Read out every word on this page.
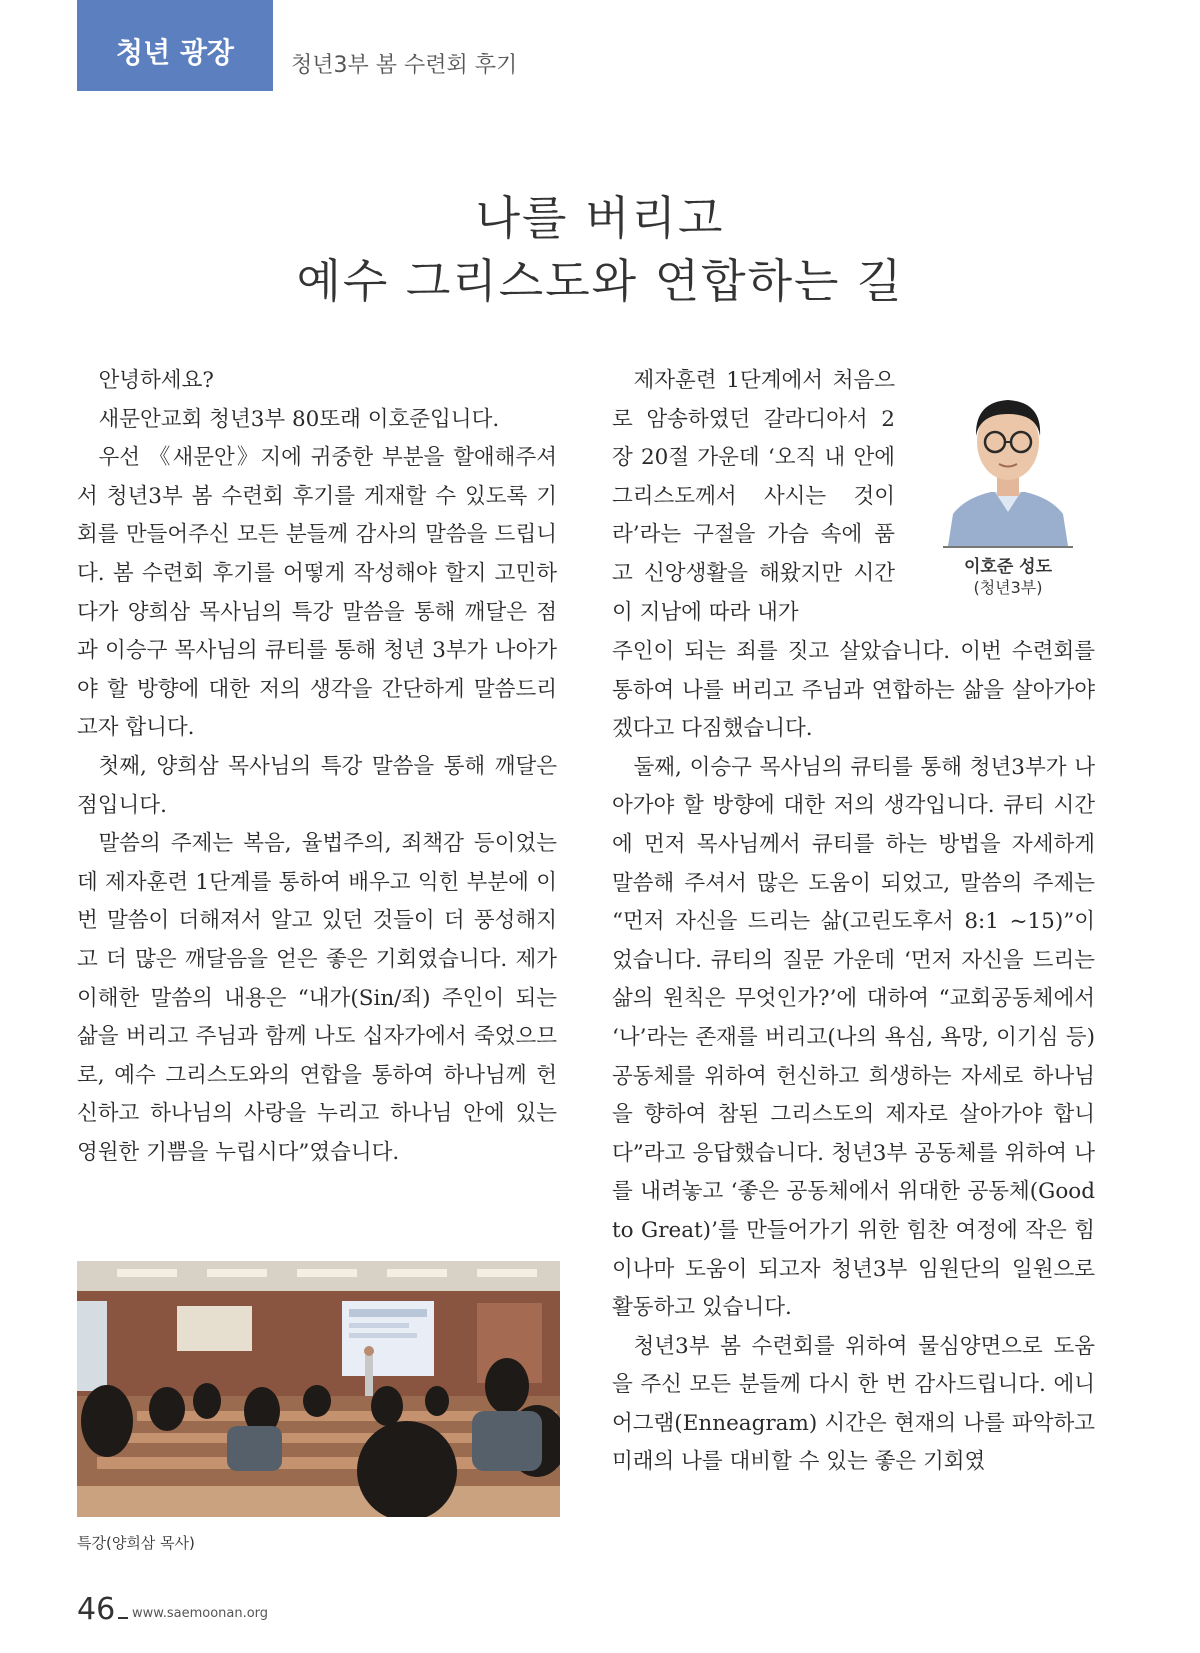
청년 광장	청년3부 봄 수련회 후기
나를 버리고
예수 그리스도와 연합하는 길

안녕하세요?

새문안교회 청년3부 80또래 이호준입니다.

우선 《새문안》지에 귀중한 부분을 할애해주셔서 청년3부 봄 수련회 후기를 게재할 수 있도록 기회를 만들어주신 모든 분들께 감사의 말씀을 드립니다. 봄 수련회 후기를 어떻게 작성해야 할지 고민하다가 양희삼 목사님의 특강 말씀을 통해 깨달은 점과 이승구 목사님의 큐티를 통해 청년 3부가 나아가야 할 방향에 대한 저의 생각을 간단하게 말씀드리고자 합니다.

첫째, 양희삼 목사님의 특강 말씀을 통해 깨달은 점입니다.

말씀의 주제는 복음, 율법주의, 죄책감 등이었는데 제자훈련 1단계를 통하여 배우고 익힌 부분에 이번 말씀이 더해져서 알고 있던 것들이 더 풍성해지고 더 많은 깨달음을 얻은 좋은 기회였습니다. 제가 이해한 말씀의 내용은 “내가(Sin/죄) 주인이 되는 삶을 버리고 주님과 함께 나도 십자가에서 죽었으므로, 예수 그리스도와의 연합을 통하여 하나님께 헌신하고 하나님의 사랑을 누리고 하나님 안에 있는 영원한 기쁨을 누립시다”였습니다.

제자훈련 1단계에서 처음으로 암송하였던 갈라디아서 2장 20절 가운데 ‘오직 내 안에 그리스도께서 사시는 것이라’라는 구절을 가슴 속에 품고 신앙생활을 해왔지만 시간이 지남에 따라 내가

이호준 성도
(청년3부)

주인이 되는 죄를 짓고 살았습니다. 이번 수련회를 통하여 나를 버리고 주님과 연합하는 삶을 살아가야겠다고 다짐했습니다.

둘째, 이승구 목사님의 큐티를 통해 청년3부가 나아가야 할 방향에 대한 저의 생각입니다. 큐티 시간에 먼저 목사님께서 큐티를 하는 방법을 자세하게 말씀해 주셔서 많은 도움이 되었고, 말씀의 주제는 “먼저 자신을 드리는 삶(고린도후서 8:1 ~15)”이었습니다. 큐티의 질문 가운데 ‘먼저 자신을 드리는 삶의 원칙은 무엇인가?’에 대하여 “교회공동체에서 ‘나’라는 존재를 버리고(나의 욕심, 욕망, 이기심 등) 공동체를 위하여 헌신하고 희생하는 자세로 하나님을 향하여 참된 그리스도의 제자로 살아가야 합니다”라고 응답했습니다. 청년3부 공동체를 위하여 나를 내려놓고 ‘좋은 공동체에서 위대한 공동체(Good to Great)’를 만들어가기 위한 힘찬 여정에 작은 힘이나마 도움이 되고자 청년3부 임원단의 일원으로 활동하고 있습니다.

청년3부 봄 수련회를 위하여 물심양면으로 도움을 주신 모든 분들께 다시 한 번 감사드립니다. 에니어그램(Enneagram) 시간은 현재의 나를 파악하고 미래의 나를 대비할 수 있는 좋은 기회였

특강(양희삼 목사)
46 www.saemoonan.org
